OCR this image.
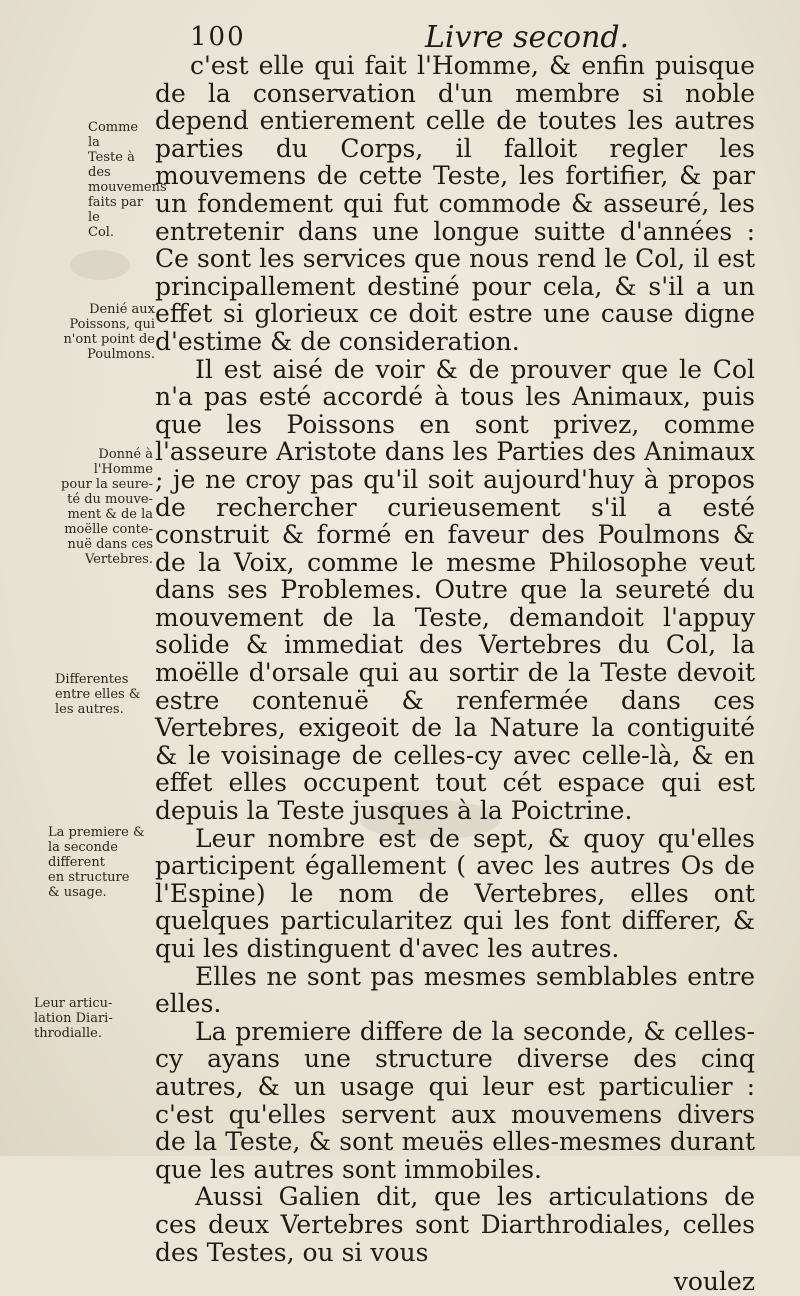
100	Livre second.
Comme la
Teste à des
mouvemens
faits par le
Col.
Denié aux
Poissons, qui
n'ont point de
Poulmons.
Donné à
l'Homme
pour la seure-
té du mouve-
ment & de la
moëlle conte-
nuë dans ces
Vertebres.
Differentes
entre elles &
les autres.
La premiere &
la seconde
different
en structure
& usage.
Leur articu-
lation Diari-
throdialle.

c'est elle qui fait l'Homme, & enfin puisque de la conservation d'un membre si noble depend entierement celle de toutes les autres parties du Corps, il falloit regler les mouvemens de cette Teste, les fortifier, & par un fondement qui fut commode & asseuré, les entretenir dans une longue suitte d'années : Ce sont les services que nous rend le Col, il est principallement destiné pour cela, & s'il a un effet si glorieux ce doit estre une cause digne d'estime & de consideration.

Il est aisé de voir & de prouver que le Col n'a pas esté accordé à tous les Animaux, puis que les Poissons en sont privez, comme l'asseure Aristote dans les Parties des Animaux ; je ne croy pas qu'il soit aujourd'huy à propos de rechercher curieusement s'il a esté construit & formé en faveur des Poulmons & de la Voix, comme le mesme Philosophe veut dans ses Problemes. Outre que la seureté du mouvement de la Teste, demandoit l'appuy solide & immediat des Vertebres du Col, la moëlle d'orsale qui au sortir de la Teste devoit estre contenuë & renfermée dans ces Vertebres, exigeoit de la Nature la contiguité & le voisinage de celles-cy avec celle-là, & en effet elles occupent tout cét espace qui est depuis la Teste jusques à la Poictrine.

Leur nombre est de sept, & quoy qu'elles participent égallement ( avec les autres Os de l'Espine) le nom de Vertebres, elles ont quelques particularitez qui les font differer, & qui les distinguent d'avec les autres.

Elles ne sont pas mesmes semblables entre elles.

La premiere differe de la seconde, & celles-cy ayans une structure diverse des cinq autres, & un usage qui leur est particulier : c'est qu'elles servent aux mouvemens divers de la Teste, & sont meuës elles-mesmes durant que les autres sont immobiles.

Aussi Galien dit, que les articulations de ces deux Vertebres sont Diarthrodiales, celles des Testes, ou si vous

voulez
